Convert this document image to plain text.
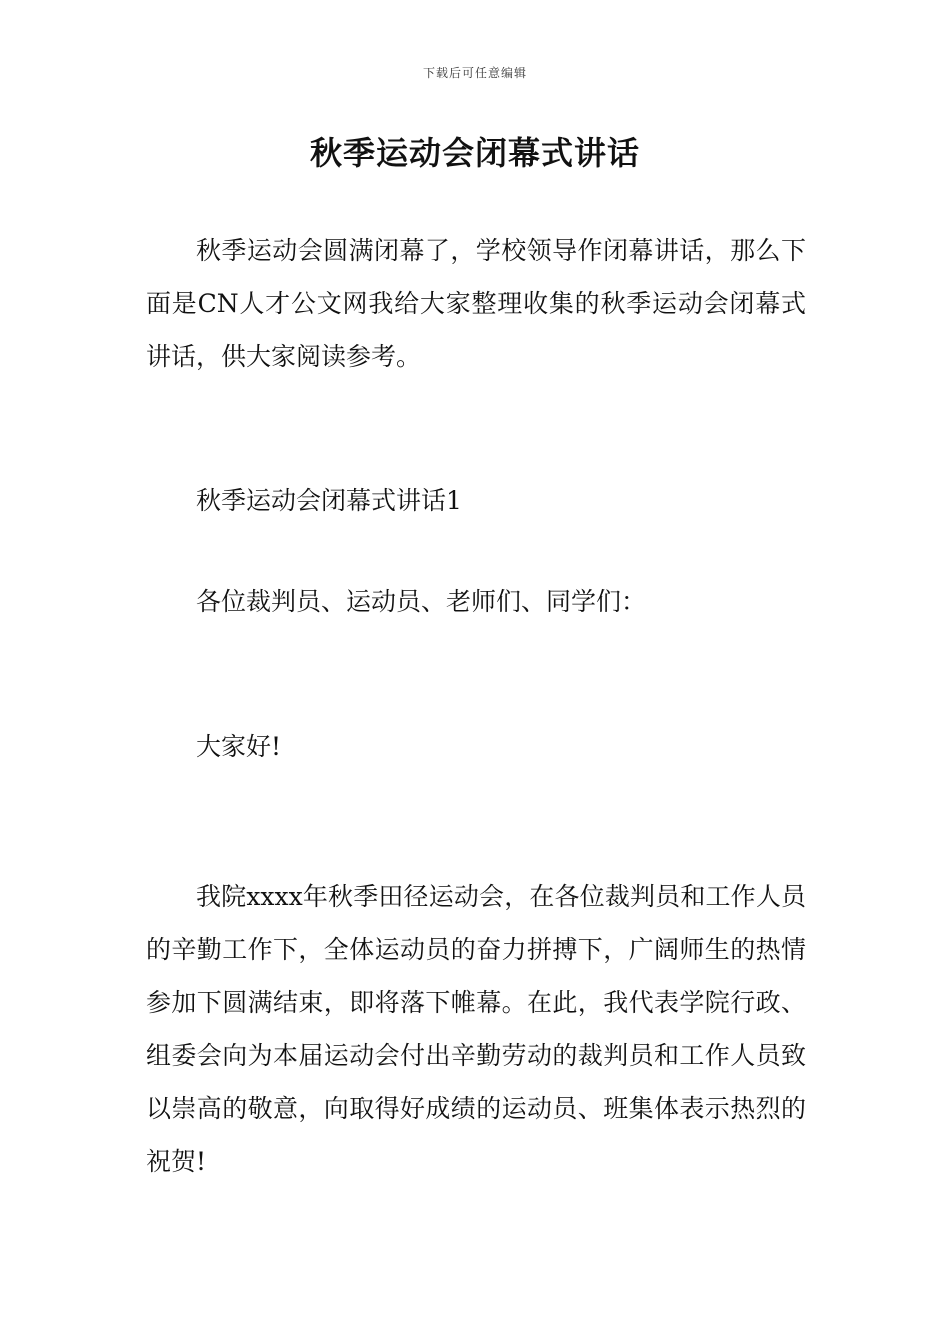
下载后可任意编辑
秋季运动会闭幕式讲话

秋季运动会圆满闭幕了，学校领导作闭幕讲话，那么下面是CN人才公文网我给大家整理收集的秋季运动会闭幕式讲话，供大家阅读参考。

秋季运动会闭幕式讲话1

各位裁判员、运动员、老师们、同学们：

大家好!

我院xxxx年秋季田径运动会，在各位裁判员和工作人员的辛勤工作下，全体运动员的奋力拼搏下，广阔师生的热情参加下圆满结束，即将落下帷幕。在此，我代表学院行政、组委会向为本届运动会付出辛勤劳动的裁判员和工作人员致以崇高的敬意，向取得好成绩的运动员、班集体表示热烈的祝贺!
